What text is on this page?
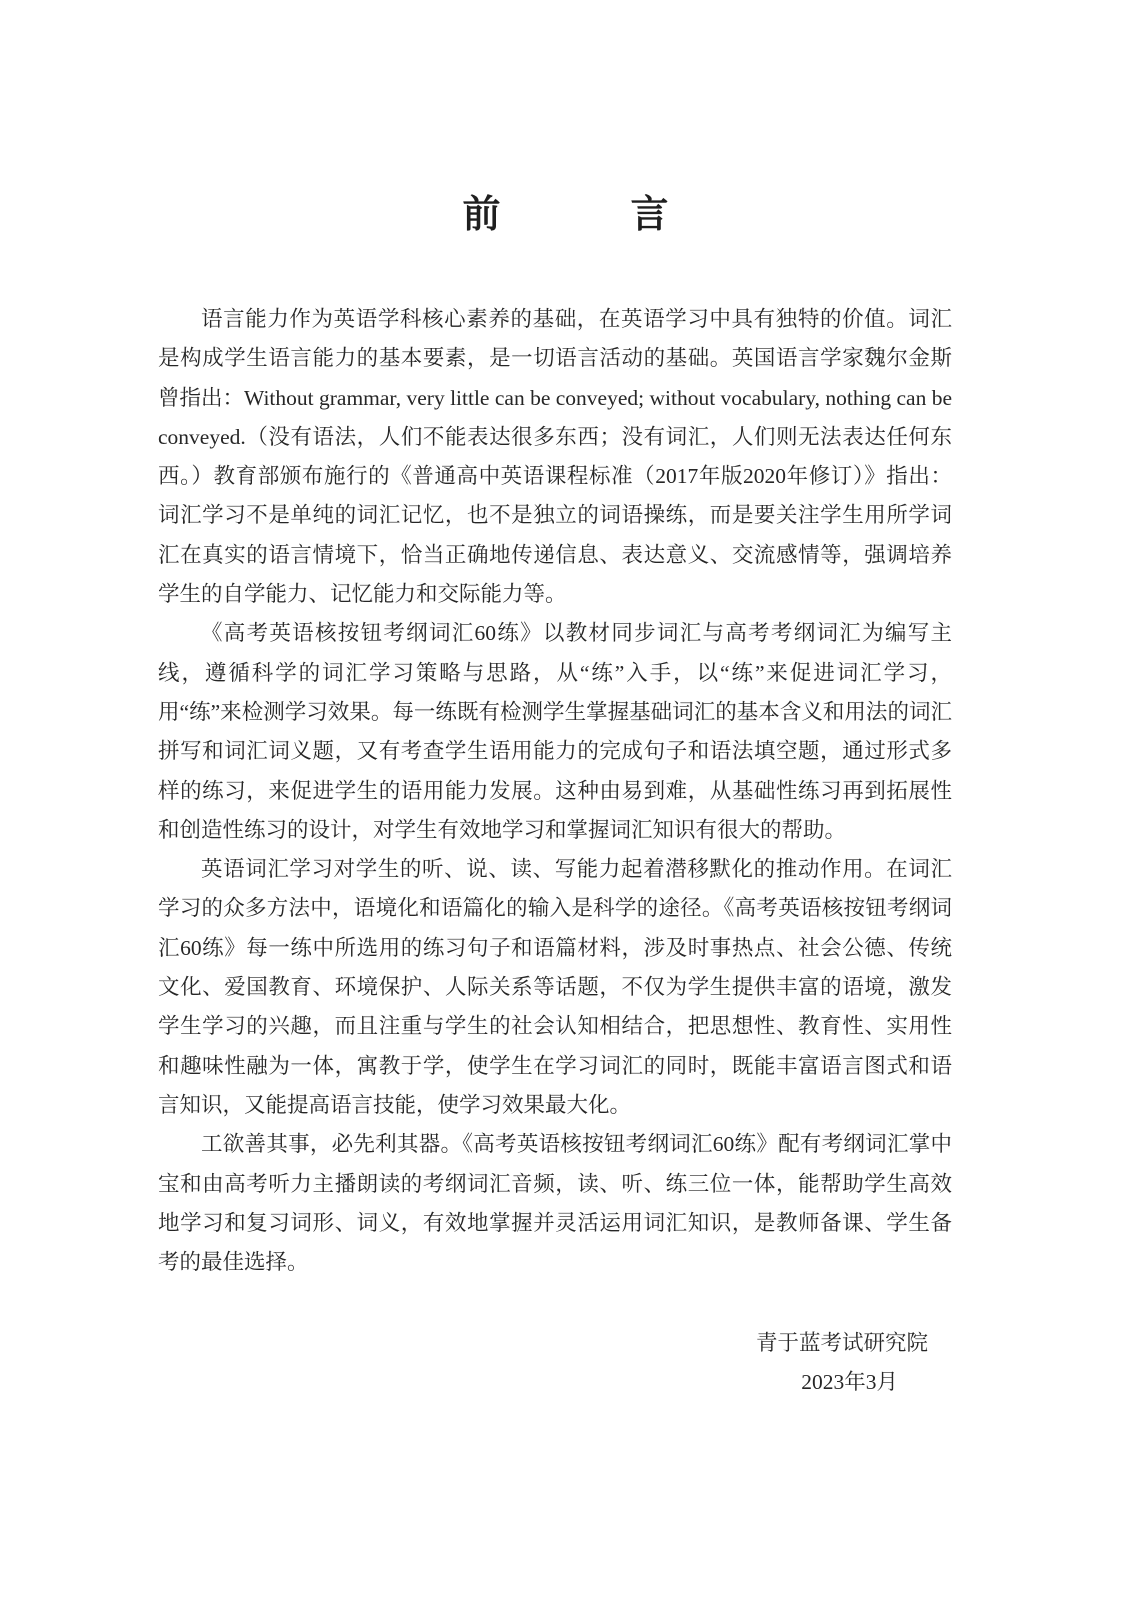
前　言

语言能力作为英语学科核心素养的基础，在英语学习中具有独特的价值。词汇是构成学生语言能力的基本要素，是一切语言活动的基础。英国语言学家魏尔金斯曾指出：Without grammar, very little can be conveyed; without vocabulary, nothing can be conveyed.（没有语法，人们不能表达很多东西；没有词汇，人们则无法表达任何东西。）教育部颁布施行的《普通高中英语课程标准（2017年版2020年修订）》指出：词汇学习不是单纯的词汇记忆，也不是独立的词语操练，而是要关注学生用所学词汇在真实的语言情境下，恰当正确地传递信息、表达意义、交流感情等，强调培养学生的自学能力、记忆能力和交际能力等。

《高考英语核按钮考纲词汇60练》以教材同步词汇与高考考纲词汇为编写主线，遵循科学的词汇学习策略与思路，从“练”入手，以“练”来促进词汇学习，用“练”来检测学习效果。每一练既有检测学生掌握基础词汇的基本含义和用法的词汇拼写和词汇词义题，又有考查学生语用能力的完成句子和语法填空题，通过形式多样的练习，来促进学生的语用能力发展。这种由易到难，从基础性练习再到拓展性和创造性练习的设计，对学生有效地学习和掌握词汇知识有很大的帮助。

英语词汇学习对学生的听、说、读、写能力起着潜移默化的推动作用。在词汇学习的众多方法中，语境化和语篇化的输入是科学的途径。《高考英语核按钮考纲词汇60练》每一练中所选用的练习句子和语篇材料，涉及时事热点、社会公德、传统文化、爱国教育、环境保护、人际关系等话题，不仅为学生提供丰富的语境，激发学生学习的兴趣，而且注重与学生的社会认知相结合，把思想性、教育性、实用性和趣味性融为一体，寓教于学，使学生在学习词汇的同时，既能丰富语言图式和语言知识，又能提高语言技能，使学习效果最大化。

工欲善其事，必先利其器。《高考英语核按钮考纲词汇60练》配有考纲词汇掌中宝和由高考听力主播朗读的考纲词汇音频，读、听、练三位一体，能帮助学生高效地学习和复习词形、词义，有效地掌握并灵活运用词汇知识，是教师备课、学生备考的最佳选择。

青于蓝考试研究院
2023年3月
